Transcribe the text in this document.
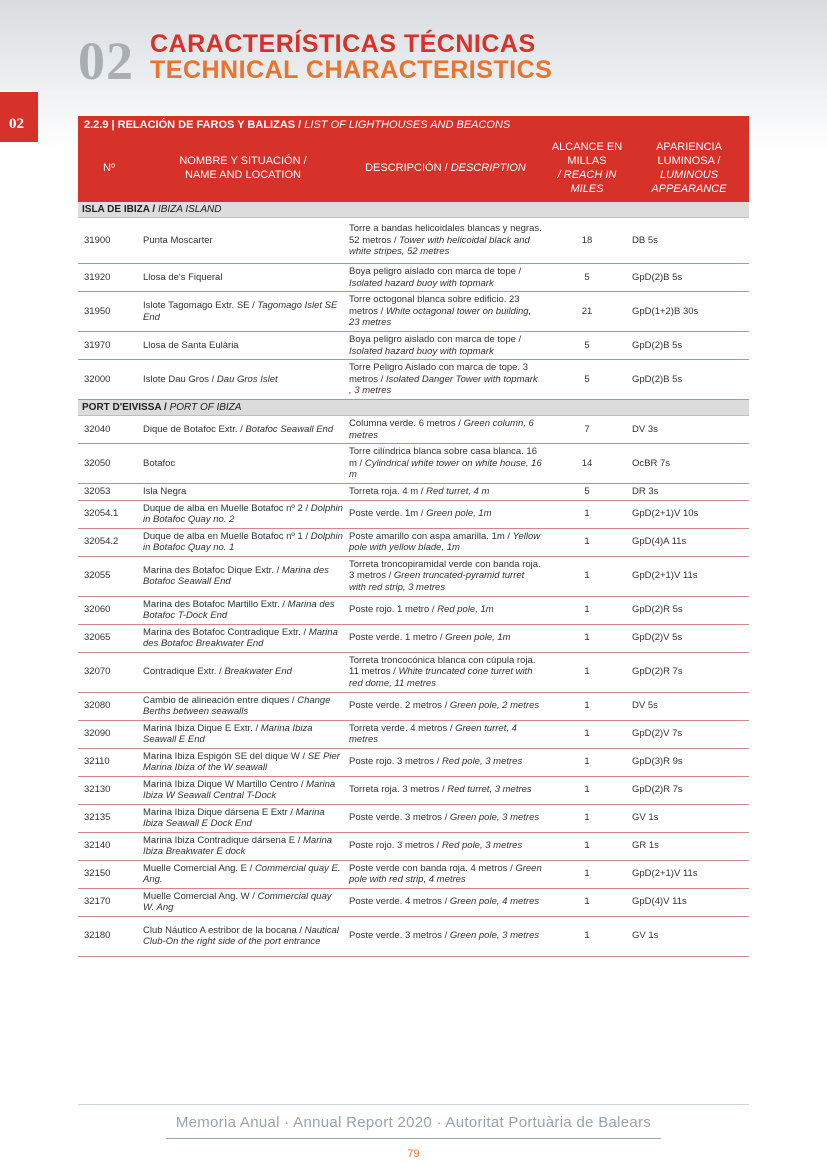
02 CARACTERÍSTICAS TÉCNICAS
TECHNICAL CHARACTERISTICS
02	2.2.9 | RELACIÓN DE FAROS Y BALIZAS / LIST OF LIGHTHOUSES AND BEACONS
Nº	NOMBRE Y SITUACIÓN /
NAME AND LOCATION	DESCRIPCIÓN / DESCRIPTION	ALCANCE EN MILLAS
/ REACH IN MILES	APARIENCIA LUMINOSA /
LUMINOUS APPEARANCE
ISLA DE IBIZA / IBIZA ISLAND				
31900	Punta Moscarter	Torre a bandas helicoidales blancas y negras. 52 metros / Tower with helicoidal black and white stripes, 52 metres	18	DB 5s
31920	Llosa de's Fiqueral	Boya peligro aislado con marca de tope / Isolated hazard buoy with topmark	5	GpD(2)B 5s
31950	Islote Tagomago Extr. SE / Tagomago Islet SE End	Torre octogonal blanca sobre edificio. 23 metros / White octagonal tower on building, 23 metres	21	GpD(1+2)B 30s
31970	Llosa de Santa Eulària	Boya peligro aislado con marca de tope / Isolated hazard buoy with topmark	5	GpD(2)B 5s
32000	Islote Dau Gros / Dau Gros Islet	Torre Peligro Aislado con marca de tope. 3 metros / Isolated Danger Tower with topmark , 3 metres	5	GpD(2)B 5s
PORT D'EIVISSA / PORT OF IBIZA				
32040	Dique de Botafoc Extr. / Botafoc Seawall End	Columna verde. 6 metros / Green column, 6 metres	7	DV 3s
32050	Botafoc	Torre cilíndrica blanca sobre casa blanca. 16 m / Cylindrical white tower on white house, 16 m	14	OcBR 7s
32053	Isla Negra	Torreta roja. 4 m / Red turret, 4 m	5	DR 3s
32054.1	Duque de alba en Muelle Botafoc nº 2 / Dolphin in Botafoc Quay no. 2	Poste verde. 1m / Green pole, 1m	1	GpD(2+1)V 10s
32054.2	Duque de alba en Muelle Botafoc nº 1 / Dolphin in Botafoc Quay no. 1	Poste amarillo con aspa amarilla. 1m / Yellow pole with yellow blade, 1m	1	GpD(4)A 11s
32055	Marina des Botafoc Dique Extr. / Marina des Botafoc Seawall End	Torreta troncopiramidal verde con banda roja. 3 metros / Green truncated-pyramid turret with red strip, 3 metres	1	GpD(2+1)V 11s
32060	Marina des Botafoc Martillo Extr. / Marina des Botafoc T-Dock End	Poste rojo. 1 metro / Red pole, 1m	1	GpD(2)R 5s
32065	Marina des Botafoc Contradique Extr. / Marina des Botafoc Breakwater End	Poste verde. 1 metro / Green pole, 1m	1	GpD(2)V 5s
32070	Contradique Extr. / Breakwater End	Torreta troncocónica blanca con cúpula roja. 11 metros / White truncated cone turret with red dome, 11 metres	1	GpD(2)R 7s
32080	Cambio de alineación entre diques / Change Berths between seawalls	Poste verde. 2 metros / Green pole, 2 metres	1	DV 5s
32090	Marina Ibiza Dique E Extr. / Marina Ibiza Seawall E End	Torreta verde. 4 metros / Green turret, 4 metres	1	GpD(2)V 7s
32110	Marina Ibiza Espigón SE del dique W / SE Pier Marina Ibiza of the W seawall	Poste rojo. 3 metros / Red pole, 3 metres	1	GpD(3)R 9s
32130	Marina Ibiza Dique W Martillo Centro / Marina Ibiza W Seawall Central T-Dock	Torreta roja. 3 metros / Red turret, 3 metres	1	GpD(2)R 7s
32135	Marina Ibiza Dique dársena E Extr / Marina Ibiza Seawall E Dock End	Poste verde. 3 metros / Green pole, 3 metres	1	GV 1s
32140	Marina Ibiza Contradique dársena E / Marina Ibiza Breakwater E dock	Poste rojo. 3 metros / Red pole, 3 metres	1	GR 1s
32150	Muelle Comercial Ang. E / Commercial quay E. Ang.	Poste verde con banda roja. 4 metros / Green pole with red strip, 4 metres	1	GpD(2+1)V 11s
32170	Muelle Comercial Ang. W / Commercial quay W. Ang	Poste verde. 4 metros / Green pole, 4 metres	1	GpD(4)V 11s
32180	Club Náutico A estribor de la bocana / Nautical Club-On the right side of the port entrance	Poste verde. 3 metros / Green pole, 3 metres	1	GV 1s
Memoria Anual · Annual Report 2020 · Autoritat Portuària de Balears
79
